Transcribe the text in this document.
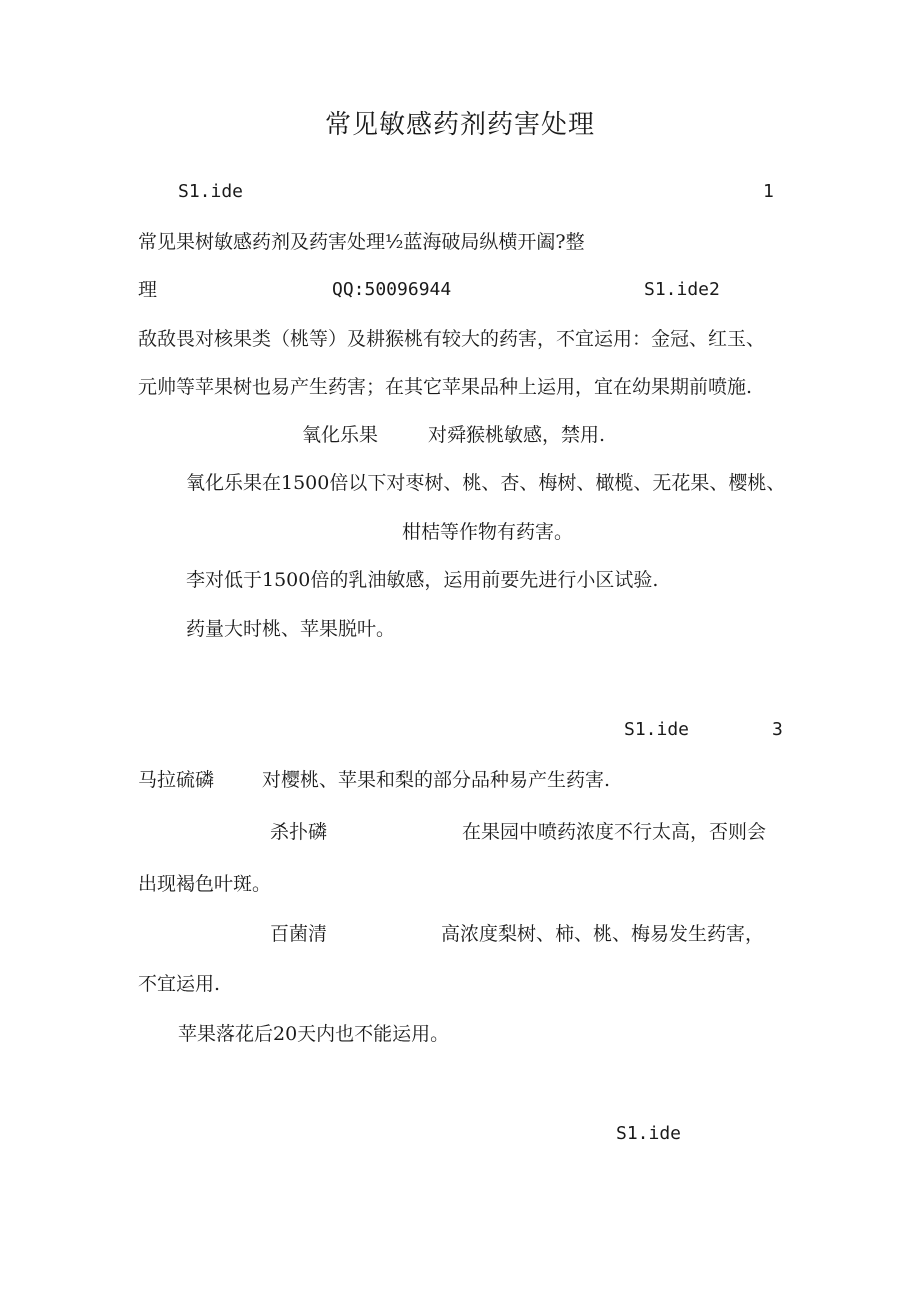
常见敏感药剂药害处理
S1.ide	1
常见果树敏感药剂及药害处理½蓝海破局纵横开阖?整
理	QQ:50096944	S1.ide2
敌敌畏对核果类（桃等）及耕猴桃有较大的药害，不宜运用：金冠、红玉、
元帅等苹果树也易产生药害；在其它苹果品种上运用，宜在幼果期前喷施.
氧化乐果	对舜猴桃敏感，禁用.
氧化乐果在1500倍以下对枣树、桃、杏、梅树、橄榄、无花果、樱桃、
柑桔等作物有药害。
李对低于1500倍的乳油敏感，运用前要先进行小区试验.
药量大时桃、苹果脱叶。
S1.ide	3
马拉硫磷	对樱桃、苹果和梨的部分品种易产生药害.
杀扑磷	在果园中喷药浓度不行太高，否则会
出现褐色叶斑。
百菌清	高浓度梨树、柿、桃、梅易发生药害，
不宜运用.
苹果落花后20天内也不能运用。
S1.ide
